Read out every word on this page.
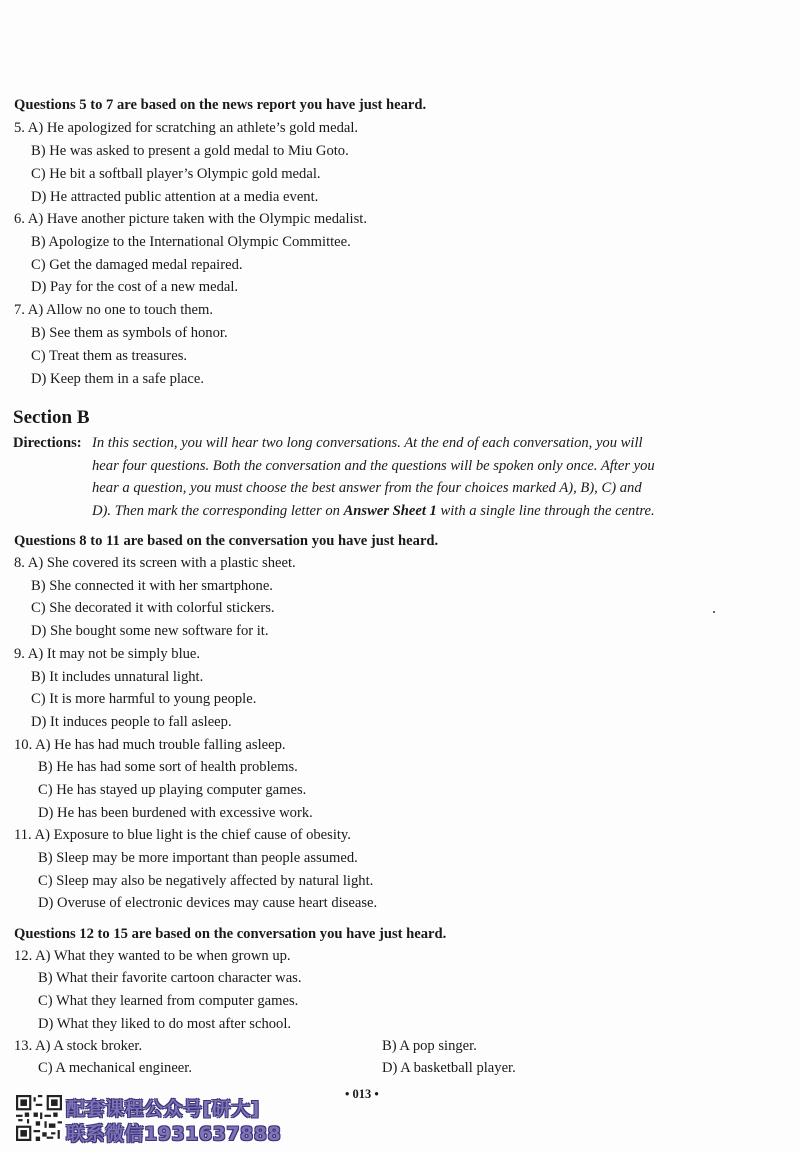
Questions 5 to 7 are based on the news report you have just heard.
5. A) He apologized for scratching an athlete’s gold medal.
B) He was asked to present a gold medal to Miu Goto.
C) He bit a softball player’s Olympic gold medal.
D) He attracted public attention at a media event.
6. A) Have another picture taken with the Olympic medalist.
B) Apologize to the International Olympic Committee.
C) Get the damaged medal repaired.
D) Pay for the cost of a new medal.
7. A) Allow no one to touch them.
B) See them as symbols of honor.
C) Treat them as treasures.
D) Keep them in a safe place.
Section B
Directions: In this section, you will hear two long conversations. At the end of each conversation, you will
hear four questions. Both the conversation and the questions will be spoken only once. After you
hear a question, you must choose the best answer from the four choices marked A), B), C) and
D). Then mark the corresponding letter on Answer Sheet 1 with a single line through the centre.
Questions 8 to 11 are based on the conversation you have just heard.
8. A) She covered its screen with a plastic sheet.
B) She connected it with her smartphone.
C) She decorated it with colorful stickers.
D) She bought some new software for it.
9. A) It may not be simply blue.
B) It includes unnatural light.
C) It is more harmful to young people.
D) It induces people to fall asleep.
10. A) He has had much trouble falling asleep.
B) He has had some sort of health problems.
C) He has stayed up playing computer games.
D) He has been burdened with excessive work.
11. A) Exposure to blue light is the chief cause of obesity.
B) Sleep may be more important than people assumed.
C) Sleep may also be negatively affected by natural light.
D) Overuse of electronic devices may cause heart disease.
Questions 12 to 15 are based on the conversation you have just heard.
12. A) What they wanted to be when grown up.
B) What their favorite cartoon character was.
C) What they learned from computer games.
D) What they liked to do most after school.
13. A) A stock broker.	B) A pop singer.
C) A mechanical engineer.	D) A basketball player.
• 013 •
配套课程公众号[研大]
联系微信1931637888
